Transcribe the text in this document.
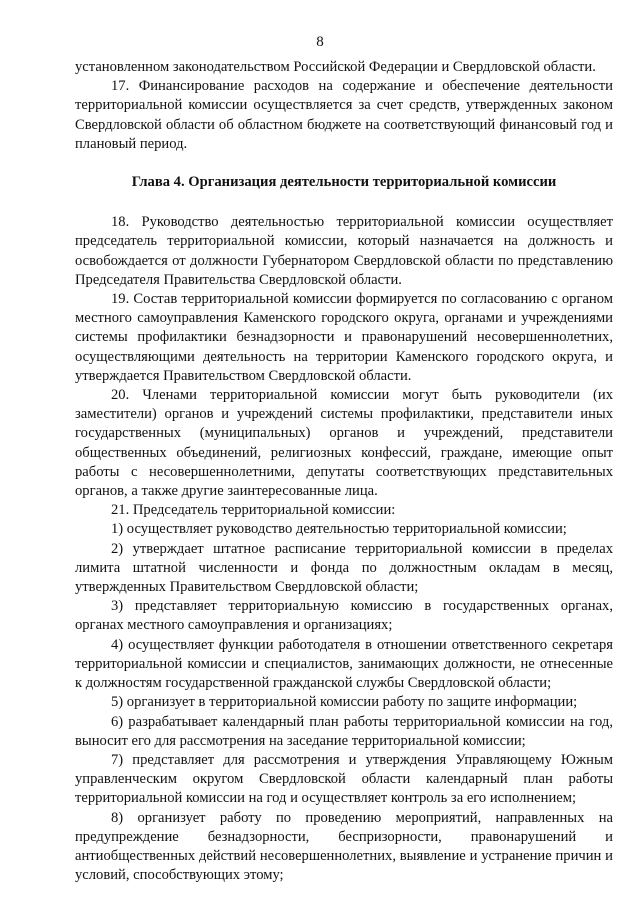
8

установленном законодательством Российской Федерации и Свердловской области.

17. Финансирование расходов на содержание и обеспечение деятельности территориальной комиссии осуществляется за счет средств, утвержденных законом Свердловской области об областном бюджете на соответствующий финансовый год и плановый период.

Глава 4. Организация деятельности территориальной комиссии

18. Руководство деятельностью территориальной комиссии осуществляет председатель территориальной комиссии, который назначается на должность и освобождается от должности Губернатором Свердловской области по представлению Председателя Правительства Свердловской области.

19. Состав территориальной комиссии формируется по согласованию с органом местного самоуправления Каменского городского округа, органами и учреждениями системы профилактики безнадзорности и правонарушений несовершеннолетних, осуществляющими деятельность на территории Каменского городского округа, и утверждается Правительством Свердловской области.

20. Членами территориальной комиссии могут быть руководители (их заместители) органов и учреждений системы профилактики, представители иных государственных (муниципальных) органов и учреждений, представители общественных объединений, религиозных конфессий, граждане, имеющие опыт работы с несовершеннолетними, депутаты соответствующих представительных органов, а также другие заинтересованные лица.

21. Председатель территориальной комиссии:

1) осуществляет руководство деятельностью территориальной комиссии;

2) утверждает штатное расписание территориальной комиссии в пределах лимита штатной численности и фонда по должностным окладам в месяц, утвержденных Правительством Свердловской области;

3) представляет территориальную комиссию в государственных органах, органах местного самоуправления и организациях;

4) осуществляет функции работодателя в отношении ответственного секретаря территориальной комиссии и специалистов, занимающих должности, не отнесенные к должностям государственной гражданской службы Свердловской области;

5) организует в территориальной комиссии работу по защите информации;

6) разрабатывает календарный план работы территориальной комиссии на год, выносит его для рассмотрения на заседание территориальной комиссии;

7) представляет для рассмотрения и утверждения Управляющему Южным управленческим округом Свердловской области календарный план работы территориальной комиссии на год и осуществляет контроль за его исполнением;

8) организует работу по проведению мероприятий, направленных на предупреждение безнадзорности, беспризорности, правонарушений и антиобщественных действий несовершеннолетних, выявление и устранение причин и условий, способствующих этому;
